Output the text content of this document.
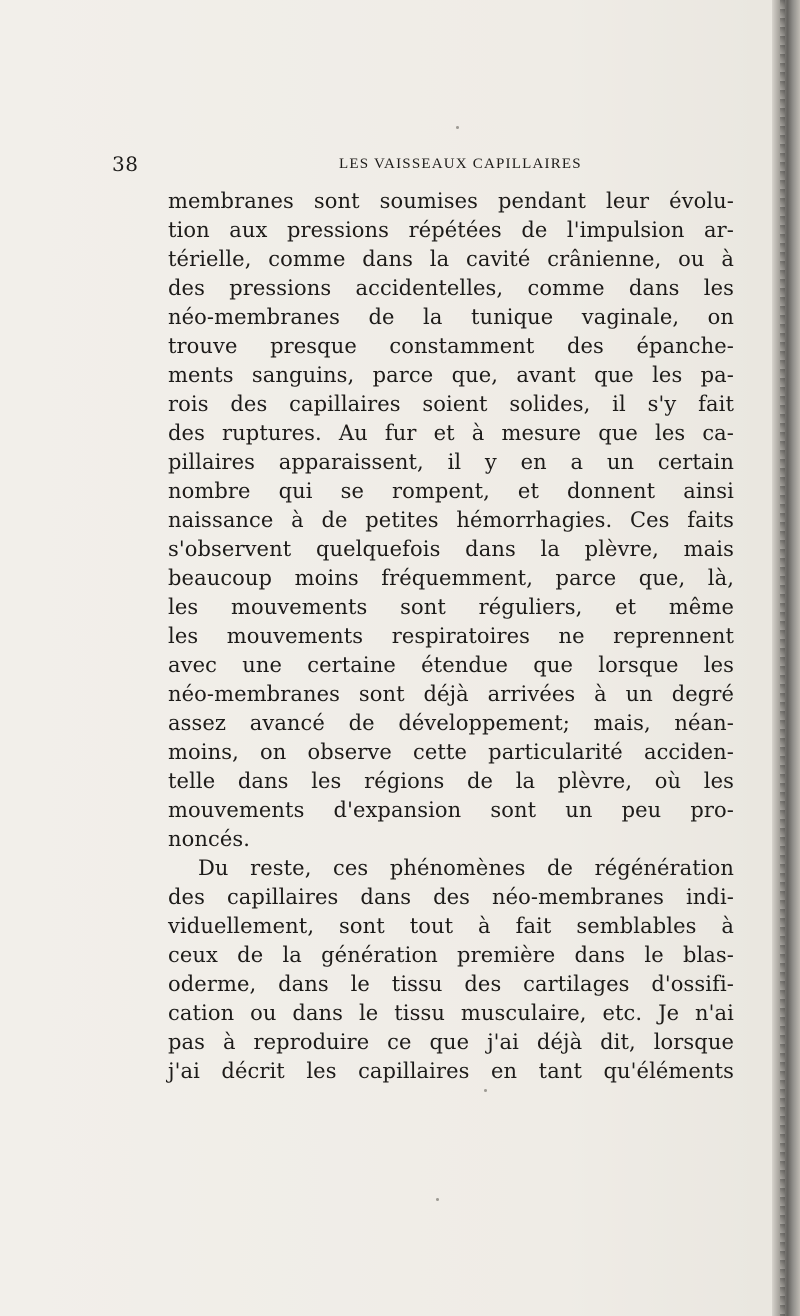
38	LES VAISSEAUX CAPILLAIRES
membranes sont soumises pendant leur évolu-
tion aux pressions répétées de l'impulsion ar-
térielle, comme dans la cavité crânienne, ou à
des pressions accidentelles, comme dans les
néo-membranes de la tunique vaginale, on
trouve presque constamment des épanche-
ments sanguins, parce que, avant que les pa-
rois des capillaires soient solides, il s'y fait
des ruptures. Au fur et à mesure que les ca-
pillaires apparaissent, il y en a un certain
nombre qui se rompent, et donnent ainsi
naissance à de petites hémorrhagies. Ces faits
s'observent quelquefois dans la plèvre, mais
beaucoup moins fréquemment, parce que, là,
les mouvements sont réguliers, et même
les mouvements respiratoires ne reprennent
avec une certaine étendue que lorsque les
néo-membranes sont déjà arrivées à un degré
assez avancé de développement; mais, néan-
moins, on observe cette particularité acciden-
telle dans les régions de la plèvre, où les
mouvements d'expansion sont un peu pro-
noncés.
Du reste, ces phénomènes de régénération
des capillaires dans des néo-membranes indi-
viduellement, sont tout à fait semblables à
ceux de la génération première dans le blas-
oderme, dans le tissu des cartilages d'ossifi-
cation ou dans le tissu musculaire, etc. Je n'ai
pas à reproduire ce que j'ai déjà dit, lorsque
j'ai décrit les capillaires en tant qu'éléments
